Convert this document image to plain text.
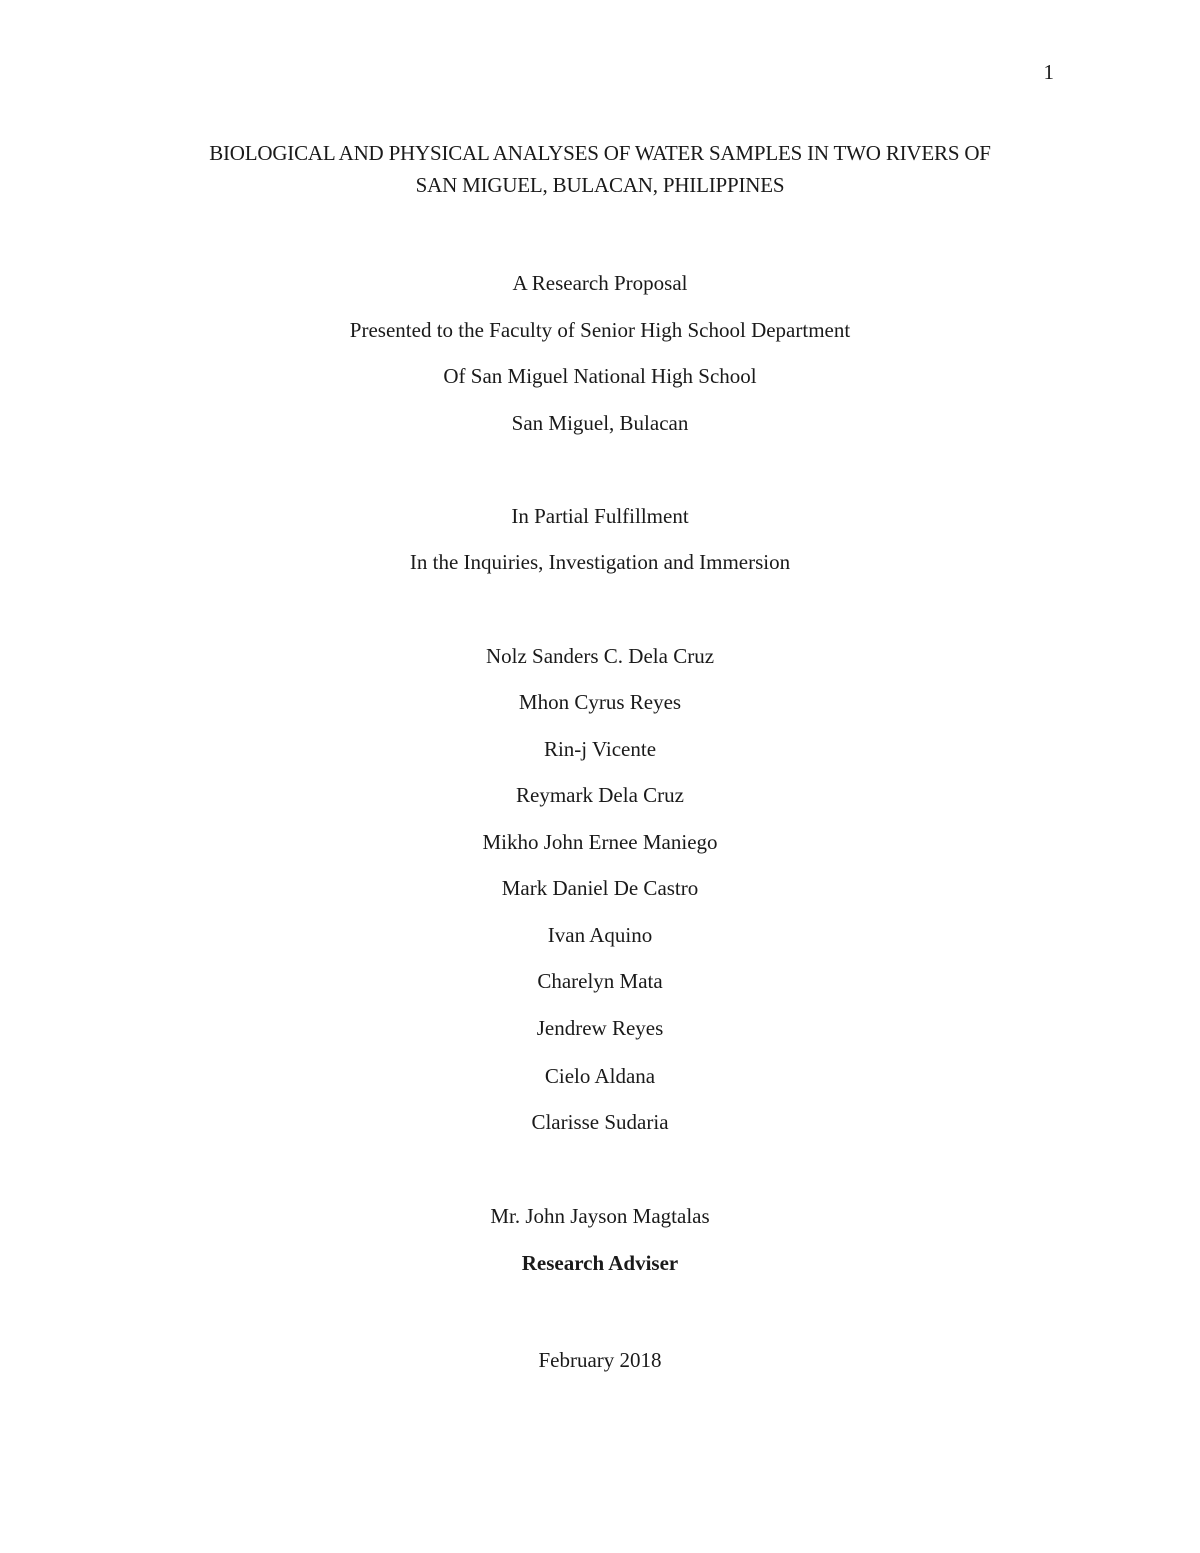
1
BIOLOGICAL AND PHYSICAL ANALYSES OF WATER SAMPLES IN TWO RIVERS OF
SAN MIGUEL, BULACAN, PHILIPPINES
A Research Proposal
Presented to the Faculty of Senior High School Department
Of San Miguel National High School
San Miguel, Bulacan
In Partial Fulfillment
In the Inquiries, Investigation and Immersion
Nolz Sanders C. Dela Cruz
Mhon Cyrus Reyes
Rin-j Vicente
Reymark Dela Cruz
Mikho John Ernee Maniego
Mark Daniel De Castro
Ivan Aquino
Charelyn Mata
Jendrew Reyes
Cielo Aldana
Clarisse Sudaria
Mr. John Jayson Magtalas
Research Adviser
February 2018
